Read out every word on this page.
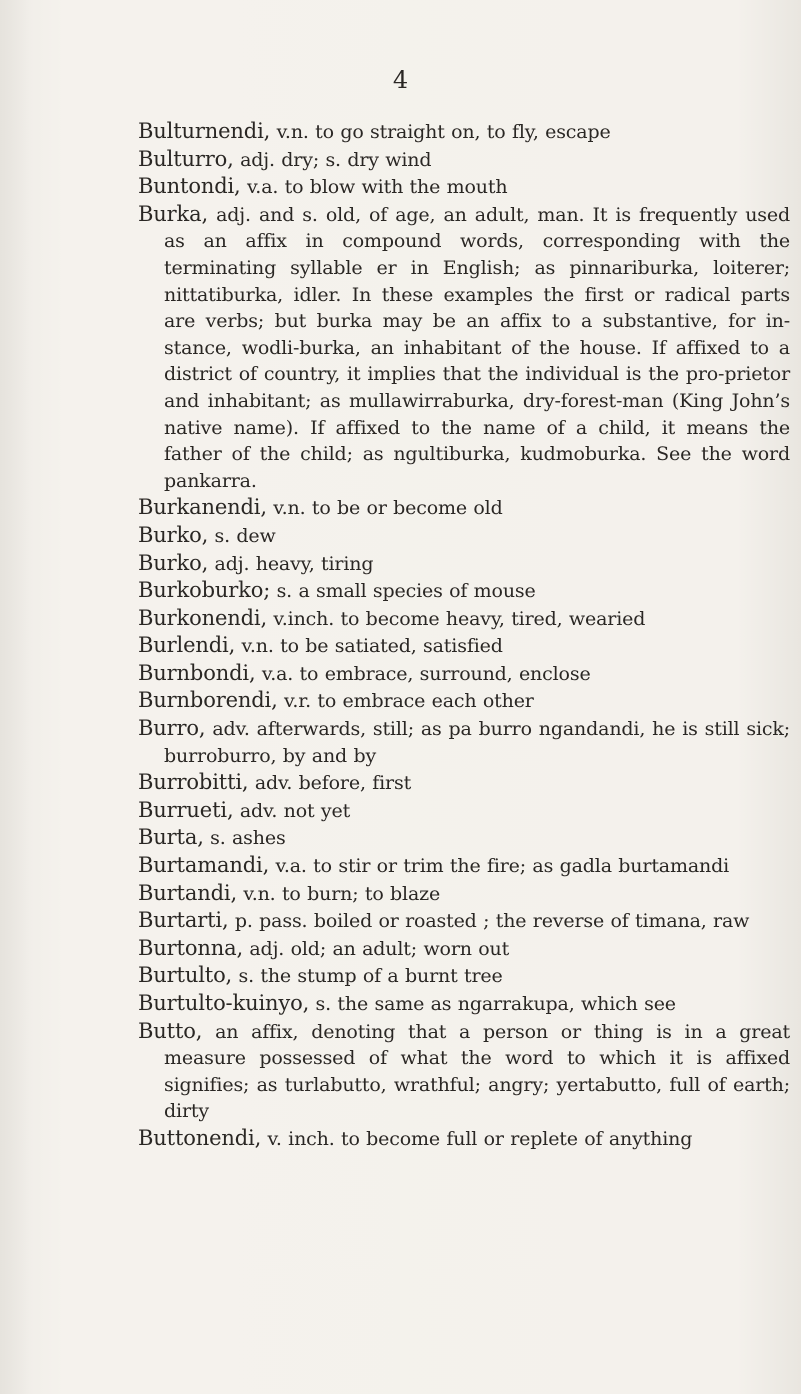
4
Bulturnendi, v.n. to go straight on, to fly, escape
Bulturro, adj. dry; s. dry wind
Buntondi, v.a. to blow with the mouth
Burka, adj. and s. old, of age, an adult, man. It is frequently used as an affix in compound words, corresponding with the terminating syllable er in English; as pinnariburka, loiterer; nittatiburka, idler. In these examples the first or radical parts are verbs; but burka may be an affix to a substantive, for in-stance, wodli-burka, an inhabitant of the house. If affixed to a district of country, it implies that the individual is the pro-prietor and inhabitant; as mullawirraburka, dry-forest-man (King John’s native name). If affixed to the name of a child, it means the father of the child; as ngultiburka, kudmoburka. See the word pankarra.
Burkanendi, v.n. to be or become old
Burko, s. dew
Burko, adj. heavy, tiring
Burkoburko; s. a small species of mouse
Burkonendi, v.inch. to become heavy, tired, wearied
Burlendi, v.n. to be satiated, satisfied
Burnbondi, v.a. to embrace, surround, enclose
Burnborendi, v.r. to embrace each other
Burro, adv. afterwards, still; as pa burro ngandandi, he is still sick; burroburro, by and by
Burrobitti, adv. before, first
Burrueti, adv. not yet
Burta, s. ashes
Burtamandi, v.a. to stir or trim the fire; as gadla burtamandi
Burtandi, v.n. to burn; to blaze
Burtarti, p. pass. boiled or roasted ; the reverse of timana, raw
Burtonna, adj. old; an adult; worn out
Burtulto, s. the stump of a burnt tree
Burtulto-kuinyo, s. the same as ngarrakupa, which see
Butto, an affix, denoting that a person or thing is in a great measure possessed of what the word to which it is affixed signifies; as turlabutto, wrathful; angry; yertabutto, full of earth; dirty
Buttonendi, v. inch. to become full or replete of anything
